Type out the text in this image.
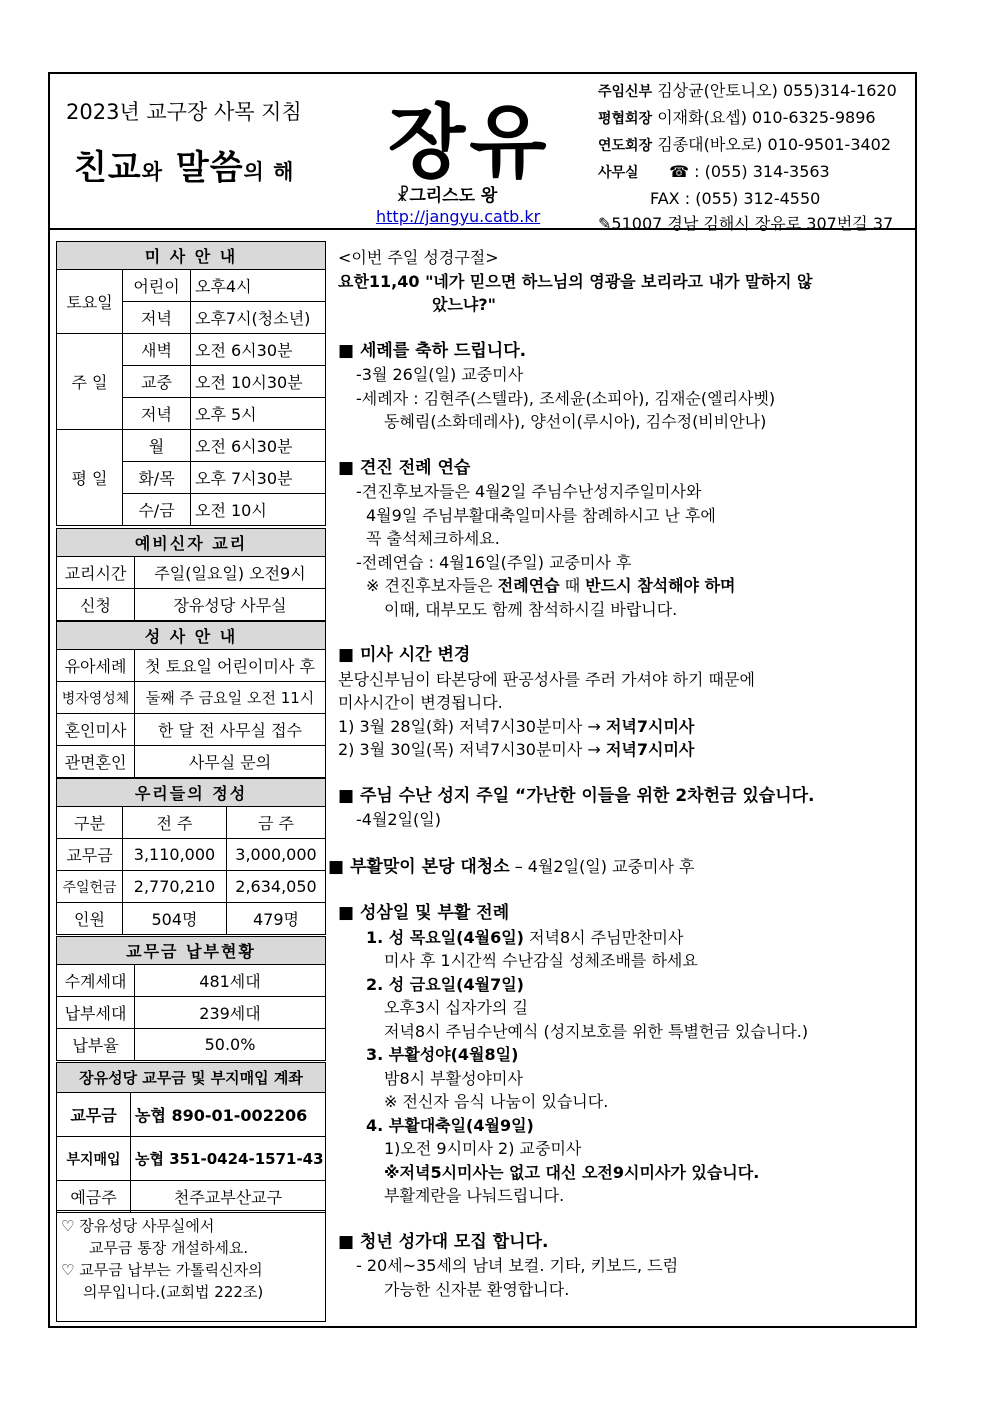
2023년 교구장 사목 지침
친교와 말씀의 해 장유
☧그리스도 왕
http://jangyu.catb.kr
주임신부 김상균(안토니오) 055)314-1620
평협회장 이재화(요셉) 010-6325-9896
연도회장 김종대(바오로) 010-9501-3402
사무실 ☎ : (055) 314-3563
FAX : (055) 312-4550
✎51007 경남 김해시 장유로 307번길 37
미 사 안 내		
토요일	어린이	오후4시
	저녁	오후7시(청소년)
주 일	새벽	오전 6시30분
	교중	오전 10시30분
	저녁	오후 5시
평 일	월	오전 6시30분
	화/목	오후 7시30분
	수/금	오전 10시
예비신자 교리	
교리시간	주일(일요일) 오전9시
신청	장유성당 사무실
성 사 안 내	
유아세례	첫 토요일 어린이미사 후
병자영성체	둘째 주 금요일 오전 11시
혼인미사	한 달 전 사무실 접수
관면혼인	사무실 문의
우리들의 정성		
구분	전 주	금 주
교무금	3,110,000	3,000,000
주일헌금	2,770,210	2,634,050
인원	504명	479명
교무금 납부현황	
수계세대	481세대
납부세대	239세대
납부율	50.0%
장유성당 교무금 및 부지매입 계좌	
교무금	농협 890-01-002206
부지매입	농협 351-0424-1571-43
예금주	천주교부산교구
♡ 장유성당 사무실에서
교무금 통장 개설하세요.
♡ 교무금 납부는 가톨릭신자의
의무입니다.(교회법 222조)

<이번 주일 성경구절>

요한11,40 "네가 믿으면 하느님의 영광을 보리라고 내가 말하지 않

았느냐?"

■ 세례를 축하 드립니다.

-3월 26일(일) 교중미사

-세례자 : 김현주(스텔라), 조세윤(소피아), 김재순(엘리사벳)

동혜림(소화데레사), 양선이(루시아), 김수정(비비안나)

■ 견진 전례 연습

-견진후보자들은 4월2일 주님수난성지주일미사와

4월9일 주님부활대축일미사를 참례하시고 난 후에

꼭 출석체크하세요.

-전례연습 : 4월16일(주일) 교중미사 후

※ 견진후보자들은 전례연습 때 반드시 참석해야 하며

이때, 대부모도 함께 참석하시길 바랍니다.

■ 미사 시간 변경

본당신부님이 타본당에 판공성사를 주러 가셔야 하기 때문에

미사시간이 변경됩니다.

1) 3월 28일(화) 저녁7시30분미사 → 저녁7시미사

2) 3월 30일(목) 저녁7시30분미사 → 저녁7시미사

■ 주님 수난 성지 주일 “가난한 이들을 위한 2차헌금 있습니다.

-4월2일(일)

■ 부활맞이 본당 대청소 – 4월2일(일) 교중미사 후

■ 성삼일 및 부활 전례

1. 성 목요일(4월6일) 저녁8시 주님만찬미사

미사 후 1시간씩 수난감실 성체조배를 하세요

2. 성 금요일(4월7일)

오후3시 십자가의 길

저녁8시 주님수난예식 (성지보호를 위한 특별헌금 있습니다.)

3. 부활성야(4월8일)

밤8시 부활성야미사

※ 전신자 음식 나눔이 있습니다.

4. 부활대축일(4월9일)

1)오전 9시미사 2) 교중미사

※저녁5시미사는 없고 대신 오전9시미사가 있습니다.

부활계란을 나눠드립니다.

■ 청년 성가대 모집 합니다.

- 20세~35세의 남녀 보컬. 기타, 키보드, 드럼

가능한 신자분 환영합니다.
